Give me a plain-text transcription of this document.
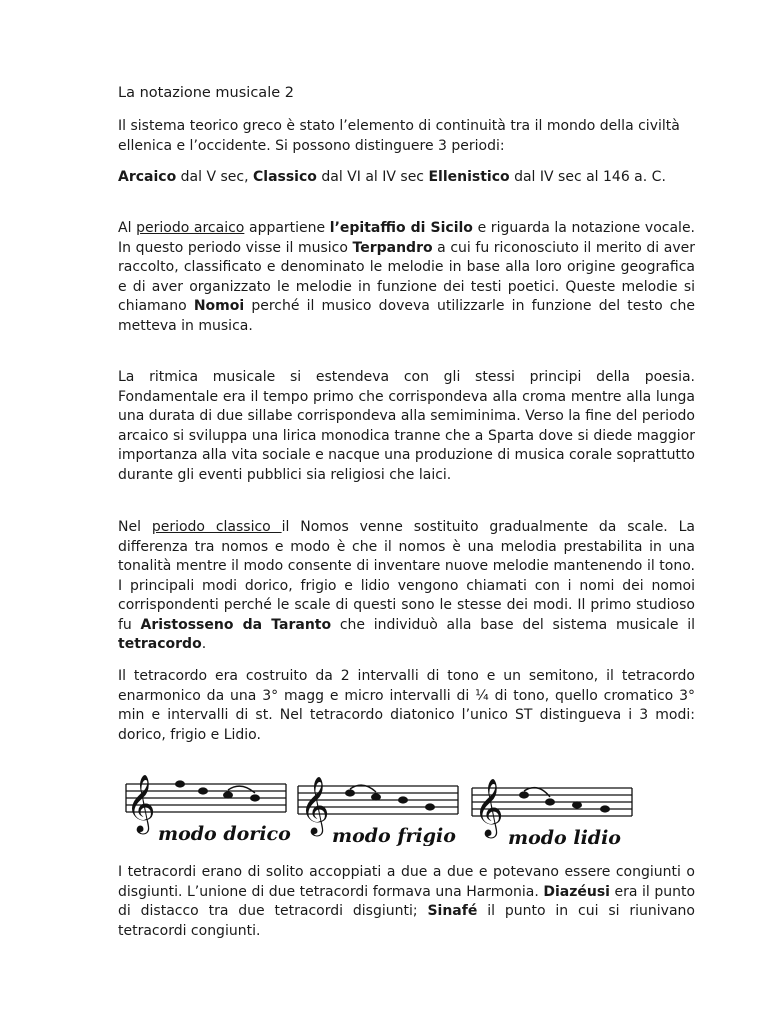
La notazione musicale 2

Il sistema teorico greco è stato l’elemento di continuità tra il mondo della civiltà ellenica e l’occidente. Si possono distinguere 3 periodi:

Arcaico dal V sec, Classico dal VI al IV sec Ellenistico dal IV sec al 146 a. C.

Al periodo arcaico appartiene l’epitaffio di Sicilo e riguarda la notazione vocale. In questo periodo visse il musico Terpandro a cui fu riconosciuto il merito di aver raccolto, classificato e denominato le melodie in base alla loro origine geografica e di aver organizzato le melodie in funzione dei testi poetici. Queste melodie si chiamano Nomoi perché il musico doveva utilizzarle in funzione del testo che metteva in musica.

La ritmica musicale si estendeva con gli stessi principi della poesia. Fondamentale era il tempo primo che corrispondeva alla croma mentre alla lunga una durata di due sillabe corrispondeva alla semiminima. Verso la fine del periodo arcaico si sviluppa una lirica monodica tranne che a Sparta dove si diede maggior importanza alla vita sociale e nacque una produzione di musica corale soprattutto durante gli eventi pubblici sia religiosi che laici.

Nel periodo classico il Nomos venne sostituito gradualmente da scale. La differenza tra nomos e modo è che il nomos è una melodia prestabilita in una tonalità mentre il modo consente di inventare nuove melodie mantenendo il tono. I principali modi dorico, frigio e lidio vengono chiamati con i nomi dei nomoi corrispondenti perché le scale di questi sono le stesse dei modi. Il primo studioso fu Aristosseno da Taranto che individuò alla base del sistema musicale il tetracordo.

Il tetracordo era costruito da 2 intervalli di tono e un semitono, il tetracordo enarmonico da una 3° magg e micro intervalli di ¼ di tono, quello cromatico 3° min e intervalli di st. Nel tetracordo diatonico l’unico ST distingueva i 3 modi: dorico, frigio e Lidio.

𝄞
modo dorico 𝄞
modo frigio 𝄞
modo lidio

I tetracordi erano di solito accoppiati a due a due e potevano essere congiunti o disgiunti. L’unione di due tetracordi formava una Harmonia. Diazéusi era il punto di distacco tra due tetracordi disgiunti; Sinafé il punto in cui si riunivano tetracordi congiunti.
